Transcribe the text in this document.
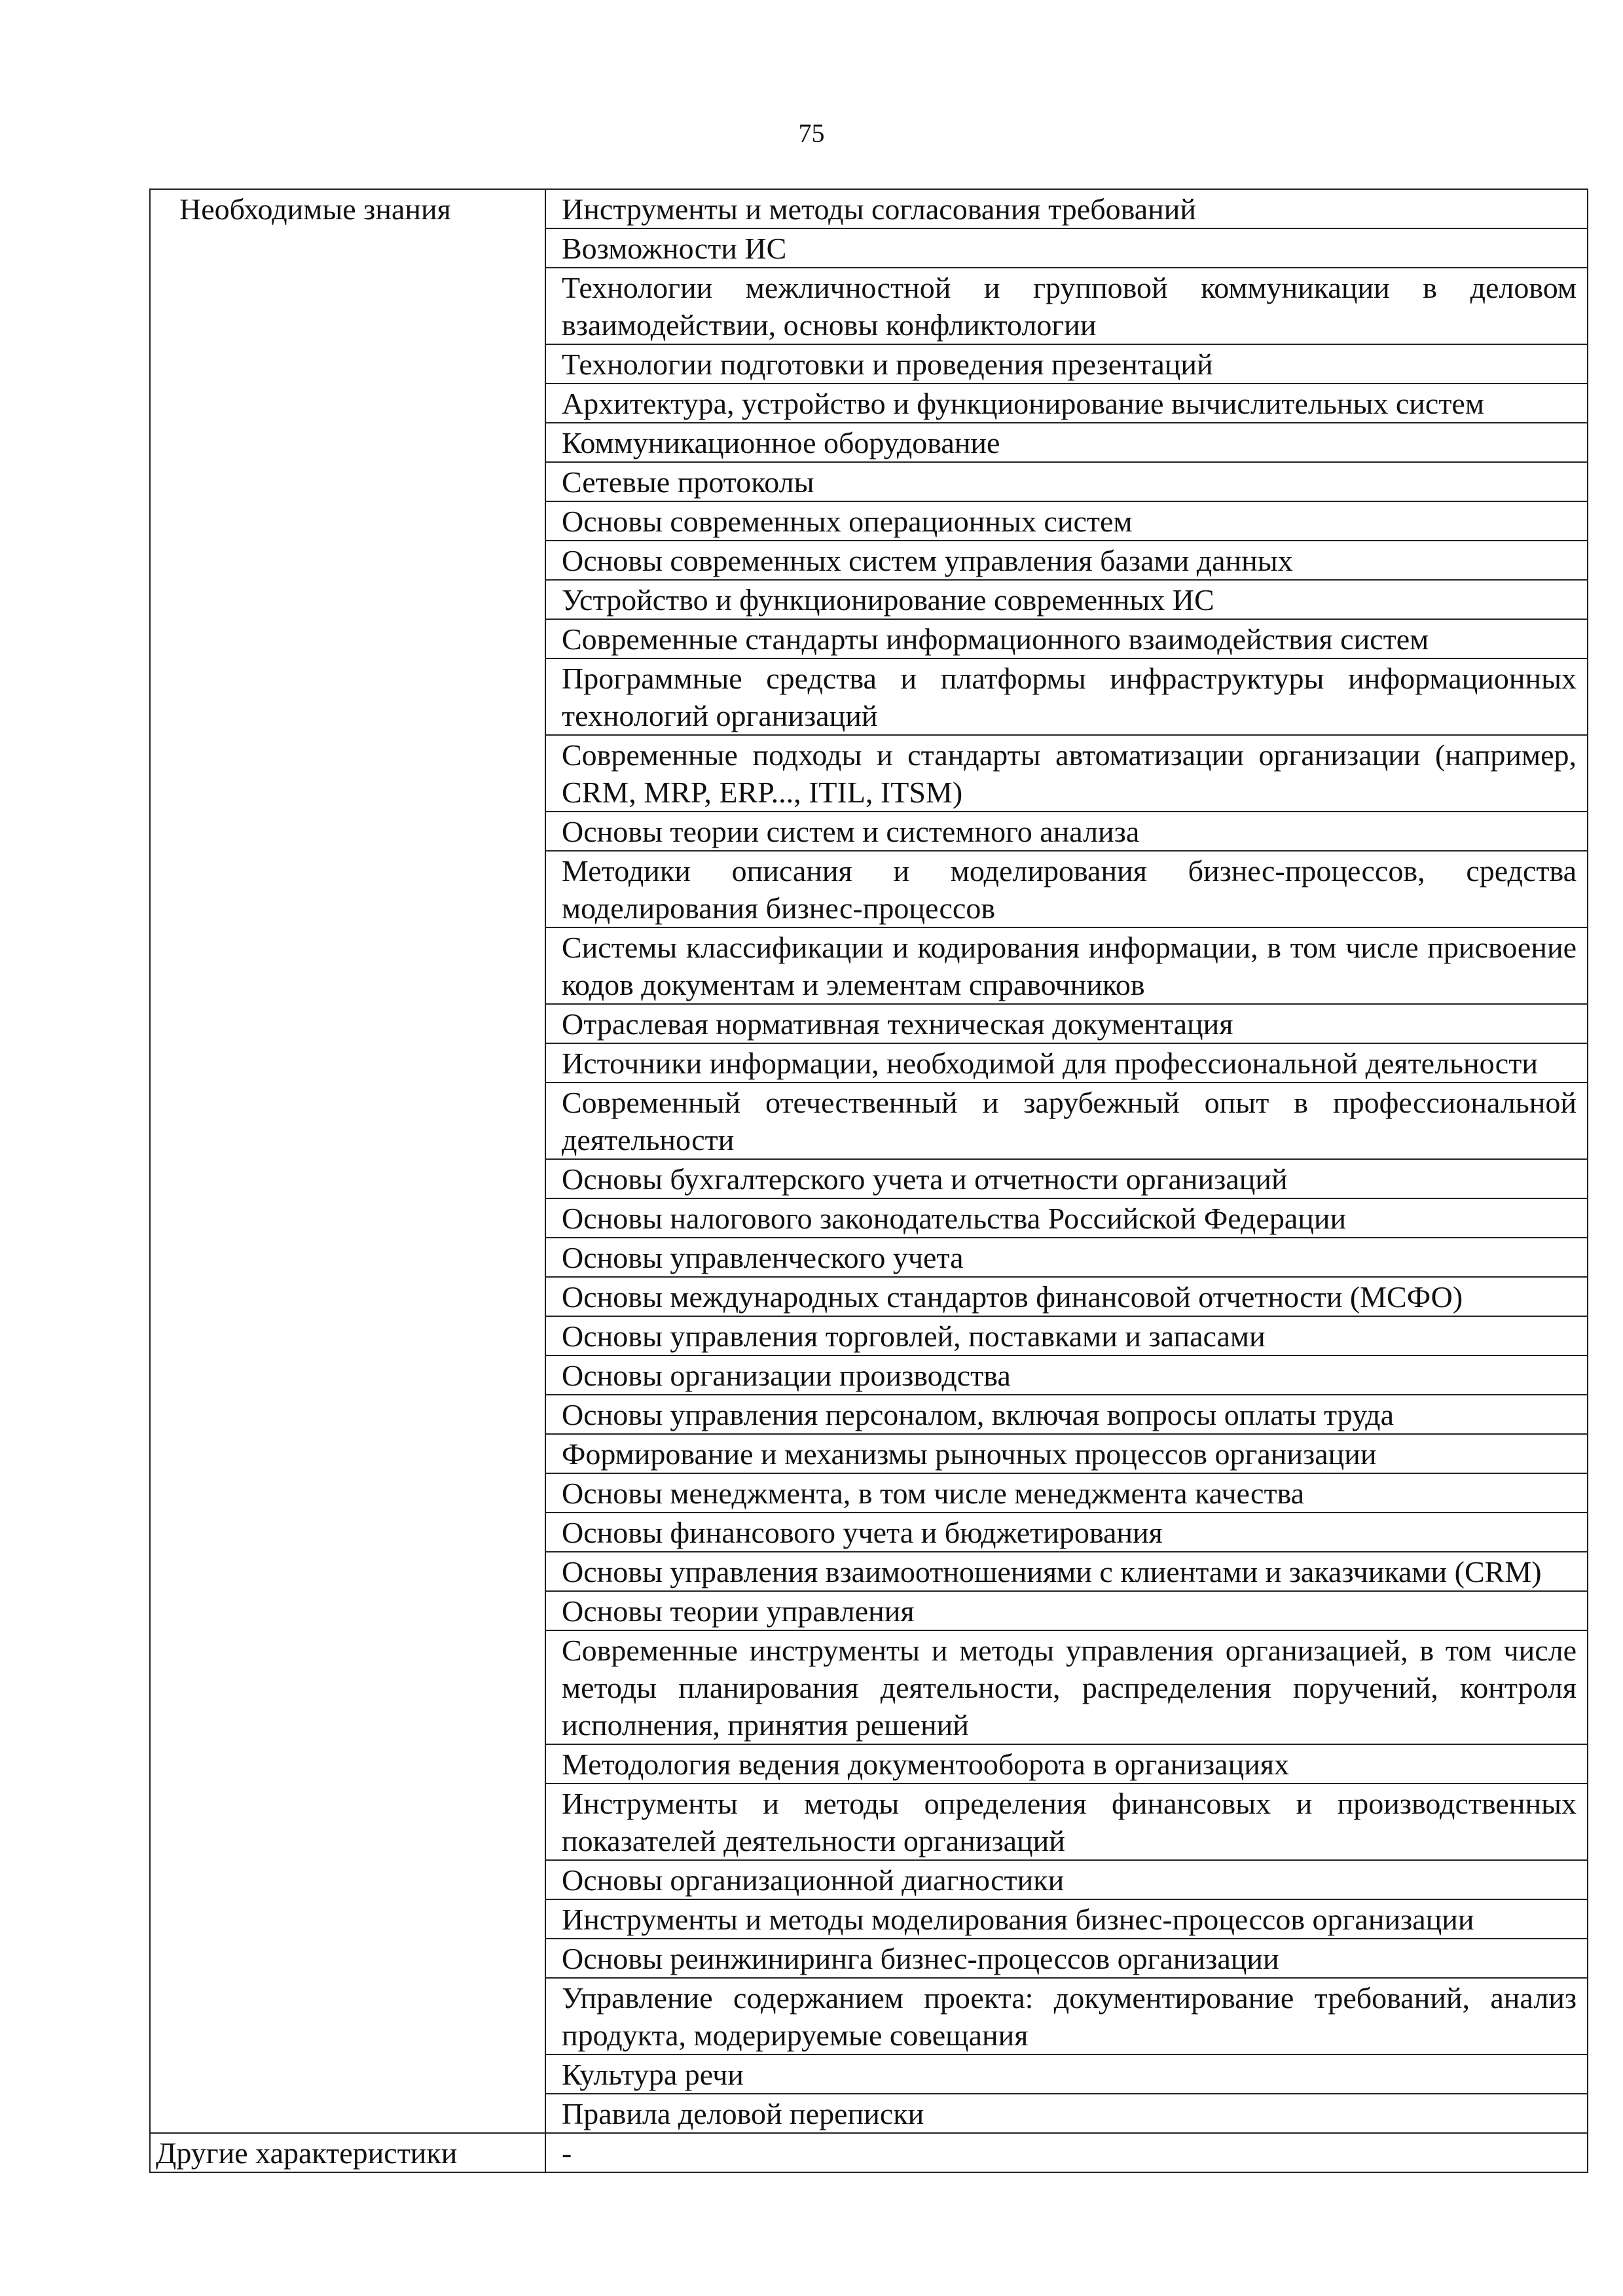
75
Необходимые знания	Инструменты и методы согласования требований
	Возможности ИС
	Технологии межличностной и групповой коммуникации в деловом взаимодействии, основы конфликтологии
	Технологии подготовки и проведения презентаций
	Архитектура, устройство и функционирование вычислительных систем
	Коммуникационное оборудование
	Сетевые протоколы
	Основы современных операционных систем
	Основы современных систем управления базами данных
	Устройство и функционирование современных ИС
	Современные стандарты информационного взаимодействия систем
	Программные средства и платформы инфраструктуры информационных технологий организаций
	Современные подходы и стандарты автоматизации организации (например, CRM, MRP, ERP..., ITIL, ITSM)
	Основы теории систем и системного анализа
	Методики описания и моделирования бизнес-процессов, средства моделирования бизнес-процессов
	Системы классификации и кодирования информации, в том числе присвоение кодов документам и элементам справочников
	Отраслевая нормативная техническая документация
	Источники информации, необходимой для профессиональной деятельности
	Современный отечественный и зарубежный опыт в профессиональной деятельности
	Основы бухгалтерского учета и отчетности организаций
	Основы налогового законодательства Российской Федерации
	Основы управленческого учета
	Основы международных стандартов финансовой отчетности (МСФО)
	Основы управления торговлей, поставками и запасами
	Основы организации производства
	Основы управления персоналом, включая вопросы оплаты труда
	Формирование и механизмы рыночных процессов организации
	Основы менеджмента, в том числе менеджмента качества
	Основы финансового учета и бюджетирования
	Основы управления взаимоотношениями с клиентами и заказчиками (CRM)
	Основы теории управления
	Современные инструменты и методы управления организацией, в том числе методы планирования деятельности, распределения поручений, контроля исполнения, принятия решений
	Методология ведения документооборота в организациях
	Инструменты и методы определения финансовых и производственных показателей деятельности организаций
	Основы организационной диагностики
	Инструменты и методы моделирования бизнес-процессов организации
	Основы реинжиниринга бизнес-процессов организации
	Управление содержанием проекта: документирование требований, анализ продукта, модерируемые совещания
	Культура речи
	Правила деловой переписки
Другие характеристики	-
